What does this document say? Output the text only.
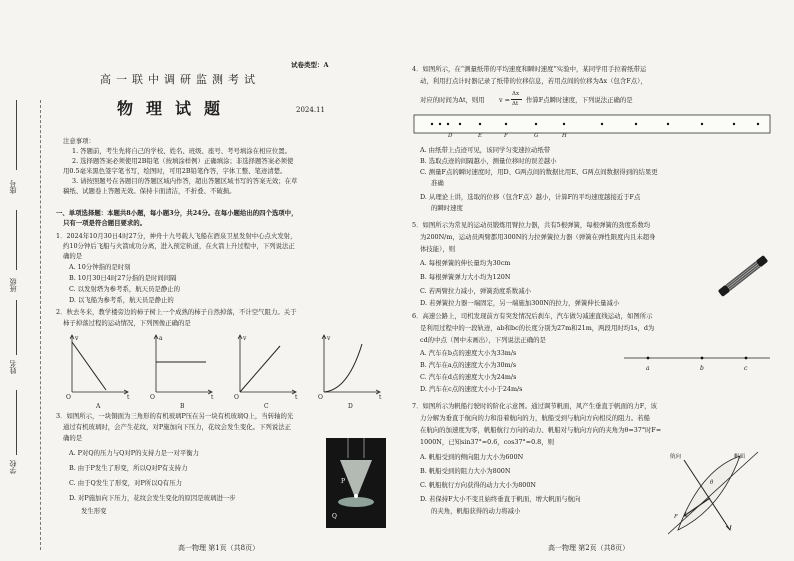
座号
班级
姓名
学校
试卷类型：A
高一联中调研监测考试
物理试题	2024.11
注意事项：
1. 答题前，考生先将自己的学校、姓名、班级、座号、考号填涂在相应位置。
2. 选择题答案必须使用2B铅笔（按填涂样例）正确填涂；非选择题答案必须使
用0.5毫米黑色签字笔书写，绘图时，可用2B铅笔作答，字体工整、笔迹清楚。
3. 请按照题号在各题目的答题区域内作答，超出答题区域书写的答案无效；在草
稿纸、试题卷上答题无效。保持卡面清洁，不折叠、不破损。
一、单项选择题：本题共8小题，每小题3分，共24分。在每小题给出的四个选项中，
只有一项是符合题目要求的。
1．2024年10月30日4时27分，神舟十九号载人飞船在酒泉卫星发射中心点火发射，
约10分钟后飞船与火箭成功分离，进入预定轨道，在火箭上升过程中，下列说法正
确的是
A. 10分钟指的是时刻
B. 10月30日4时27分指的是时间间隔
C. 以发射塔为参考系，航天员是静止的
D. 以飞船为参考系，航天员是静止的
2．秋去冬来，教学楼旁边的柿子树上一个成熟的柿子自然掉落，不计空气阻力。关于
柿子掉落过程的运动情况，下列图像正确的是
v
O	t
A
a
O	t
B
v
O	t
C
v
O	t
D
3．如图所示，一块铜面为三角形的有机玻璃P压在另一块有机玻璃Q上，当转轴的光
通过有机玻璃时，会产生花纹，对P施加向下压力，花纹会发生变化。下列说法正
确的是
A. P对Q的压力与Q对P的支持力是一对平衡力
B. 由于P发生了形变，所以Q对P有支持力
C. 由于Q发生了形变，对P所以Q有压力
D. 对P施加向下压力，花纹会发生变化的原因是玻璃进一步
发生形变
P
Q
高一物理 第1页（共8页）
4．如图所示，在“测量纸带的平均速度和瞬时速度”实验中，某同学用手拉着纸带运
动，利用打点计时器记录了纸带的位移信息，若用点间的位移为Δx（包含F点），
对应的时间为Δt，则用 v =
Δx
Δt 作算F点瞬时速度，下列说法正确的是
D	E	F	G	H
A. 由纸带上点迹可见，该同学匀变速拉动纸带
B. 选取点迹的间隔越小，测量位移时的误差越小
C. 测量F点的瞬时速度时，用D、G两点间的数据比用E、G两点间数据得到的结果更
准确
D. 从理论上讲，选取的位移（包含F点）越小，计算F的平均速度越接近于F点
的瞬时速度
5．如图所示为常见的运动员锻炼用臂拉力器，共有5根弹簧，每根弹簧的劲度系数均
为200N/m，运动员两臂都用300N的力拉弹簧拉力器（弹簧在弹性限度内且未超身
体技能），则
A. 每根弹簧的伸长量均为30cm
B. 每根弹簧弹力大小均为120N
C. 若两臂拉力减小，弹簧劲度系数减小
D. 若弹簧拉力器一端固定，另一端施加300N的拉力，弹簧伸长量减小
6．高速公路上，司机发现前方有突发情况后刹车，汽车做匀减速直线运动，如图所示
是利用过程中的一段轨迹，ab和bc的长度分别为27m和21m，两段用时均1s，d为
cd的中点（图中未画出），下列说法正确的是
A. 汽车在b点的速度大小为33m/s
B. 汽车在a点的速度大小为30m/s
C. 汽车在d点的速度大小为24m/s
D. 汽车在c点的速度大小小于24m/s
a	b	c
7．如图所示为帆船行驶时的阶化示意图。通过调节帆面，风产生垂直于帆面的力F，该
力分解为垂直于航向的力和沿着航向的力，航船受到与航向方向相反的阻力。若船
在航向的加速度为零，帆船航行方向的动力、帆船对与航向方向的夹角为θ=37°时F=
1000N，已知sin37°=0.6，cos37°=0.8，则
A. 帆船受到的侧向阻力大小为600N
B. 帆船受到的阻力大小为800N
C. 帆船航行方向获得的动力大小为800N
D. 若保持F大小不变且始终垂直于帆面，增大帆面与航向
的夹角，帆船获得的动力将减小
航向	帆面
θ
F
高一物理 第2页（共8页）
